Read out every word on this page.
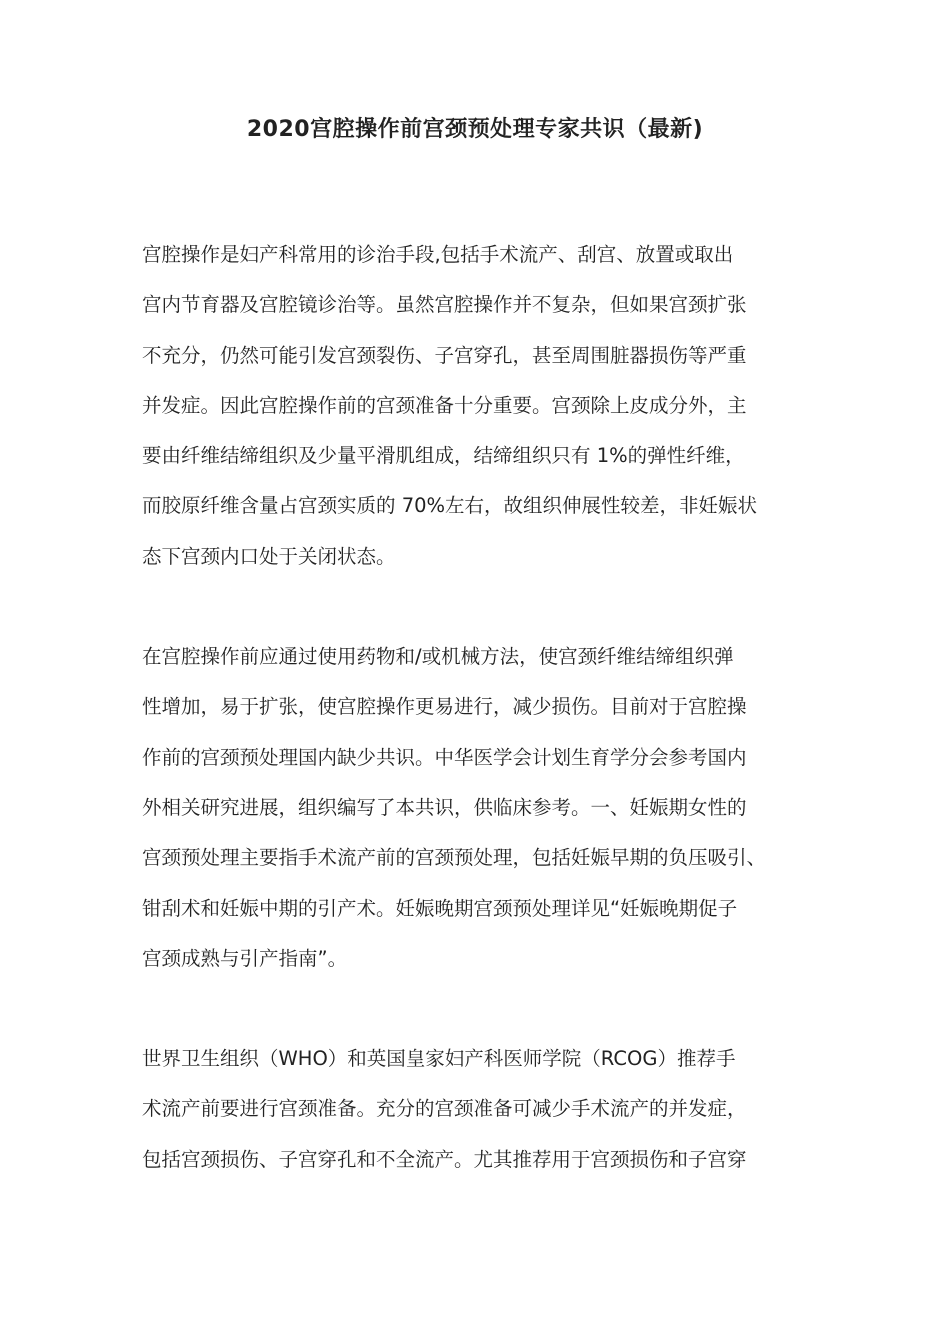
2020宫腔操作前宫颈预处理专家共识（最新)

宫腔操作是妇产科常用的诊治手段,包括手术流产、刮宫、放置或取出
宫内节育器及宫腔镜诊治等。虽然宫腔操作并不复杂，但如果宫颈扩张
不充分，仍然可能引发宫颈裂伤、子宫穿孔，甚至周围脏器损伤等严重
并发症。因此宫腔操作前的宫颈准备十分重要。宫颈除上皮成分外，主
要由纤维结缔组织及少量平滑肌组成，结缔组织只有 1%的弹性纤维，
而胶原纤维含量占宫颈实质的 70%左右，故组织伸展性较差，非妊娠状
态下宫颈内口处于关闭状态。

在宫腔操作前应通过使用药物和/或机械方法，使宫颈纤维结缔组织弹
性增加，易于扩张，使宫腔操作更易进行，减少损伤。目前对于宫腔操
作前的宫颈预处理国内缺少共识。中华医学会计划生育学分会参考国内
外相关研究进展，组织编写了本共识，供临床参考。一、妊娠期女性的
宫颈预处理主要指手术流产前的宫颈预处理，包括妊娠早期的负压吸引、
钳刮术和妊娠中期的引产术。妊娠晚期宫颈预处理详见“妊娠晚期促子
宫颈成熟与引产指南”。

世界卫生组织（WHO）和英国皇家妇产科医师学院（RCOG）推荐手
术流产前要进行宫颈准备。充分的宫颈准备可减少手术流产的并发症，
包括宫颈损伤、子宫穿孔和不全流产。尤其推荐用于宫颈损伤和子宫穿
